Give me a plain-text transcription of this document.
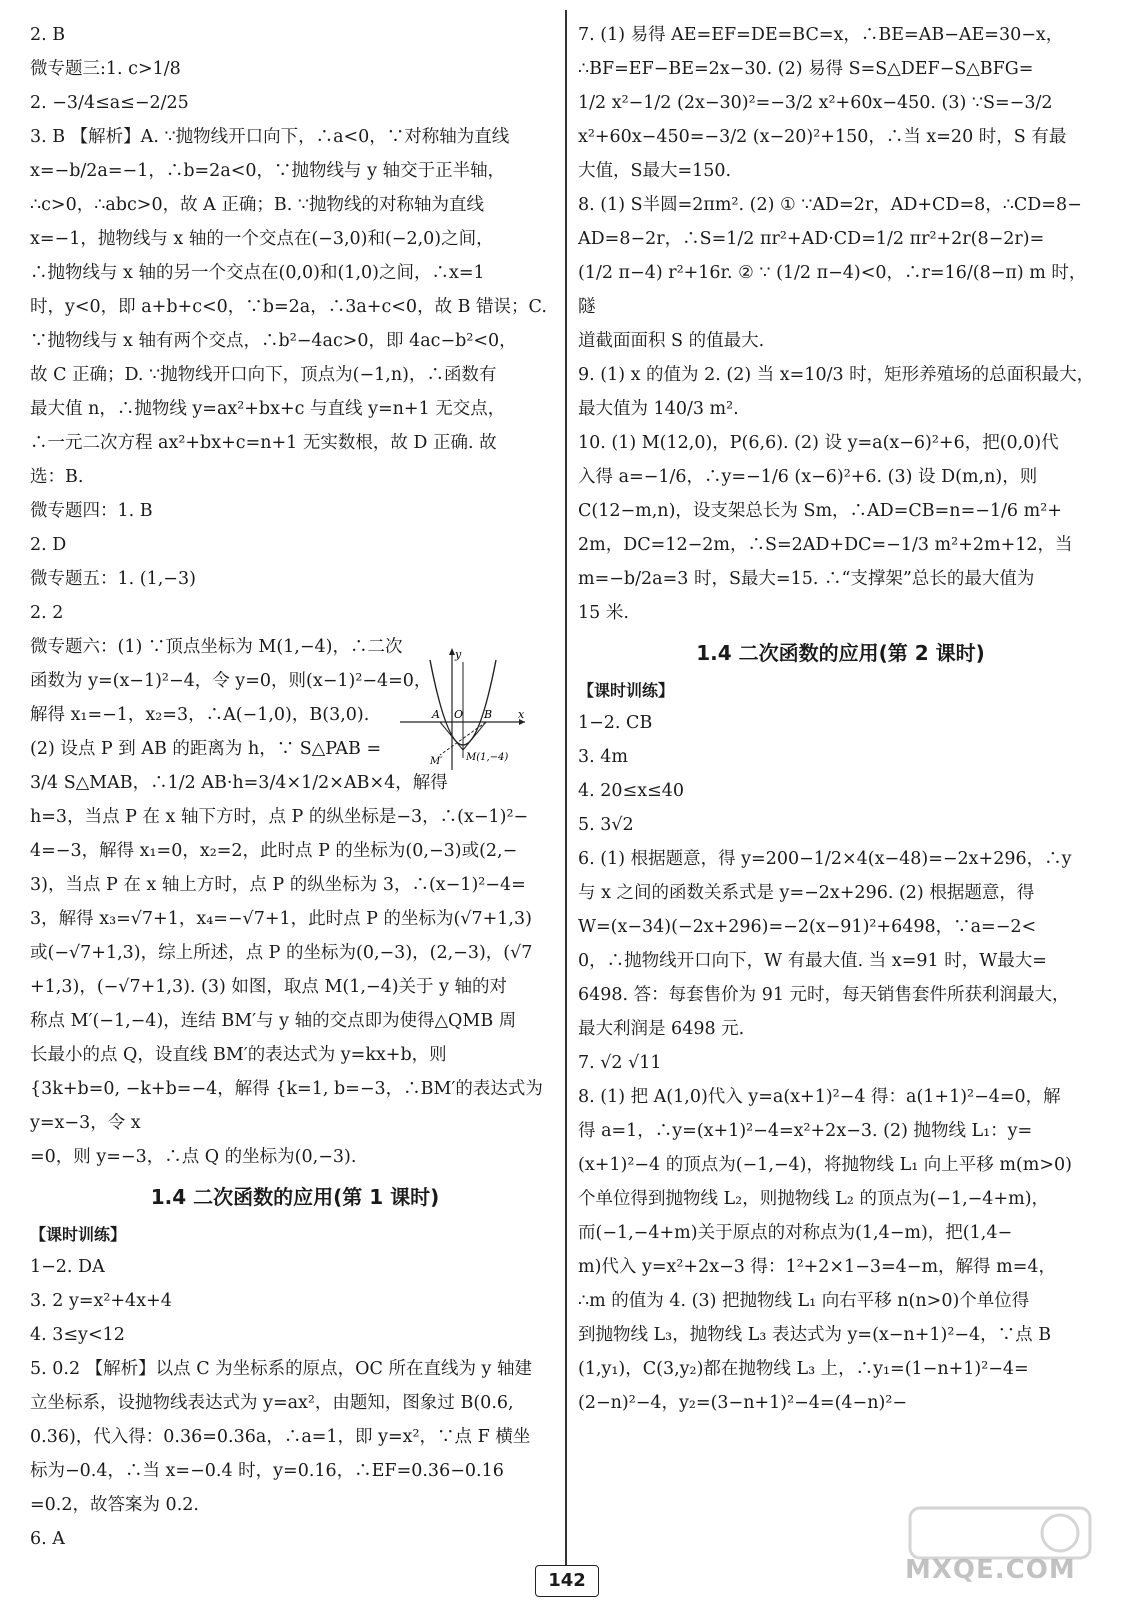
2. B
微专题三:1. c>1/8
2. −3/4≤a≤−2/25
3. B 【解析】A. ∵抛物线开口向下，∴a<0，∵对称轴为直线
x=−b/2a=−1，∴b=2a<0，∵抛物线与 y 轴交于正半轴，
∴c>0，∴abc>0，故 A 正确；B. ∵抛物线的对称轴为直线
x=−1，抛物线与 x 轴的一个交点在(−3,0)和(−2,0)之间，
∴抛物线与 x 轴的另一个交点在(0,0)和(1,0)之间，∴x=1
时，y<0，即 a+b+c<0，∵b=2a，∴3a+c<0，故 B 错误；C.
∵抛物线与 x 轴有两个交点，∴b²−4ac>0，即 4ac−b²<0，
故 C 正确；D. ∵抛物线开口向下，顶点为(−1,n)，∴函数有
最大值 n，∴抛物线 y=ax²+bx+c 与直线 y=n+1 无交点，
∴一元二次方程 ax²+bx+c=n+1 无实数根，故 D 正确. 故
选：B.
微专题四：1. B
2. D
微专题五：1. (1,−3)
2. 2
微专题六：(1) ∵顶点坐标为 M(1,−4)，∴二次
函数为 y=(x−1)²−4，令 y=0，则(x−1)²−4=0，
解得 x₁=−1，x₂=3，∴A(−1,0)，B(3,0).
(2) 设点 P 到 AB 的距离为 h，∵ S△PAB =
3/4 S△MAB，∴1/2 AB·h=3/4×1/2×AB×4，解得
h=3，当点 P 在 x 轴下方时，点 P 的纵坐标是−3，∴(x−1)²−
4=−3，解得 x₁=0，x₂=2，此时点 P 的坐标为(0,−3)或(2,−
3)，当点 P 在 x 轴上方时，点 P 的纵坐标为 3，∴(x−1)²−4=
3，解得 x₃=√7+1，x₄=−√7+1，此时点 P 的坐标为(√7+1,3)
或(−√7+1,3)，综上所述，点 P 的坐标为(0,−3)，(2,−3)，(√7
+1,3)，(−√7+1,3). (3) 如图，取点 M(1,−4)关于 y 轴的对
称点 M′(−1,−4)，连结 BM′与 y 轴的交点即为使得△QMB 周
长最小的点 Q，设直线 BM′的表达式为 y=kx+b，则
{3k+b=0, −k+b=−4，解得 {k=1, b=−3，∴BM′的表达式为 y=x−3，令 x
=0，则 y=−3，∴点 Q 的坐标为(0,−3).
1.4 二次函数的应用(第 1 课时)
【课时训练】
1−2. DA
3. 2 y=x²+4x+4
4. 3≤y<12
5. 0.2 【解析】以点 C 为坐标系的原点，OC 所在直线为 y 轴建
立坐标系，设抛物线表达式为 y=ax²，由题知，图象过 B(0.6,
0.36)，代入得：0.36=0.36a，∴a=1，即 y=x²，∵点 F 横坐
标为−0.4，∴当 x=−0.4 时，y=0.16，∴EF=0.36−0.16
=0.2，故答案为 0.2.
6. A
7. (1) 易得 AE=EF=DE=BC=x，∴BE=AB−AE=30−x，
∴BF=EF−BE=2x−30. (2) 易得 S=S△DEF−S△BFG=
1/2 x²−1/2 (2x−30)²=−3/2 x²+60x−450. (3) ∵S=−3/2
x²+60x−450=−3/2 (x−20)²+150，∴当 x=20 时，S 有最
大值，S最大=150.
8. (1) S半圆=2πm². (2) ① ∵AD=2r，AD+CD=8，∴CD=8−
AD=8−2r，∴S=1/2 πr²+AD·CD=1/2 πr²+2r(8−2r)=
(1/2 π−4) r²+16r. ② ∵ (1/2 π−4)<0，∴r=16/(8−π) m 时，隧
道截面面积 S 的值最大.
9. (1) x 的值为 2. (2) 当 x=10/3 时，矩形养殖场的总面积最大，
最大值为 140/3 m².
10. (1) M(12,0)，P(6,6). (2) 设 y=a(x−6)²+6，把(0,0)代
入得 a=−1/6，∴y=−1/6 (x−6)²+6. (3) 设 D(m,n)，则
C(12−m,n)，设支架总长为 Sm，∴AD=CB=n=−1/6 m²+
2m，DC=12−2m，∴S=2AD+DC=−1/3 m²+2m+12，当
m=−b/2a=3 时，S最大=15. ∴“支撑架”总长的最大值为
15 米.
1.4 二次函数的应用(第 2 课时)
【课时训练】
1−2. CB
3. 4m
4. 20≤x≤40
5. 3√2
6. (1) 根据题意，得 y=200−1/2×4(x−48)=−2x+296，∴y
与 x 之间的函数关系式是 y=−2x+296. (2) 根据题意，得
W=(x−34)(−2x+296)=−2(x−91)²+6498，∵a=−2<
0，∴抛物线开口向下，W 有最大值. 当 x=91 时，W最大=
6498. 答：每套售价为 91 元时，每天销售套件所获利润最大，
最大利润是 6498 元.
7. √2 √11
8. (1) 把 A(1,0)代入 y=a(x+1)²−4 得：a(1+1)²−4=0，解
得 a=1，∴y=(x+1)²−4=x²+2x−3. (2) 抛物线 L₁：y=
(x+1)²−4 的顶点为(−1,−4)，将抛物线 L₁ 向上平移 m(m>0)
个单位得到抛物线 L₂，则抛物线 L₂ 的顶点为(−1,−4+m)，
而(−1,−4+m)关于原点的对称点为(1,4−m)，把(1,4−
m)代入 y=x²+2x−3 得：1²+2×1−3=4−m，解得 m=4，
∴m 的值为 4. (3) 把抛物线 L₁ 向右平移 n(n>0)个单位得
到抛物线 L₃，抛物线 L₃ 表达式为 y=(x−n+1)²−4，∵点 B
(1,y₁)，C(3,y₂)都在抛物线 L₃ 上，∴y₁=(1−n+1)²−4=
(2−n)²−4，y₂=(3−n+1)²−4=(4−n)²−
y
x
A O B
M(1,−4)
M′
142	MXQE.COM
